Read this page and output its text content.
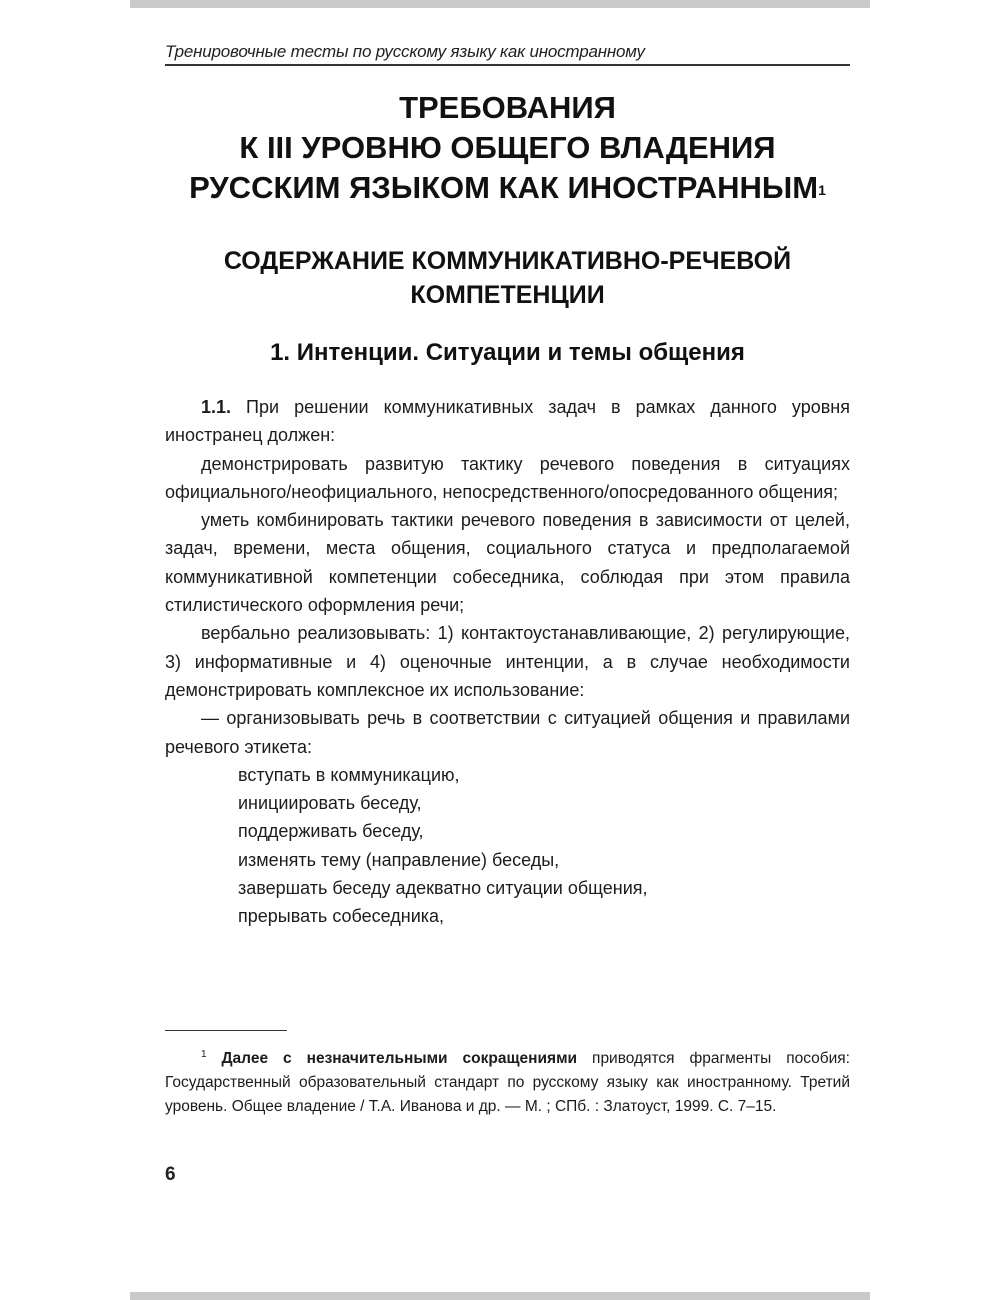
Тренировочные тесты по русскому языку как иностранному
ТРЕБОВАНИЯ
К III УРОВНЮ ОБЩЕГО ВЛАДЕНИЯ
РУССКИМ ЯЗЫКОМ КАК ИНОСТРАННЫМ$^1$
СОДЕРЖАНИЕ КОММУНИКАТИВНО-РЕЧЕВОЙ
КОМПЕТЕНЦИИ
1. Интенции. Ситуации и темы общения

1.1. При решении коммуникативных задач в рамках данного уровня иностранец должен:

демонстрировать развитую тактику речевого поведения в ситуациях официального/неофициального, непосредственного/опосредованного общения;

уметь комбинировать тактики речевого поведения в зависимости от целей, задач, времени, места общения, социального статуса и предполагаемой коммуникативной компетенции собеседника, соблюдая при этом правила стилистического оформления речи;

вербально реализовывать: 1) контактоустанавливающие, 2) регулирующие, 3) информативные и 4) оценочные интенции, а в случае необходимости демонстрировать комплексное их использование:

— организовывать речь в соответствии с ситуацией общения и правилами речевого этикета:

вступать в коммуникацию,
инициировать беседу,
поддерживать беседу,
изменять тему (направление) беседы,
завершать беседу адекватно ситуации общения,
прерывать собеседника,

$^1$ Далее с незначительными сокращениями приводятся фрагменты пособия: Государственный образовательный стандарт по русскому языку как иностранному. Третий уровень. Общее владение / Т.А. Иванова и др. — М. ; СПб. : Златоуст, 1999. С. 7–15.

6
